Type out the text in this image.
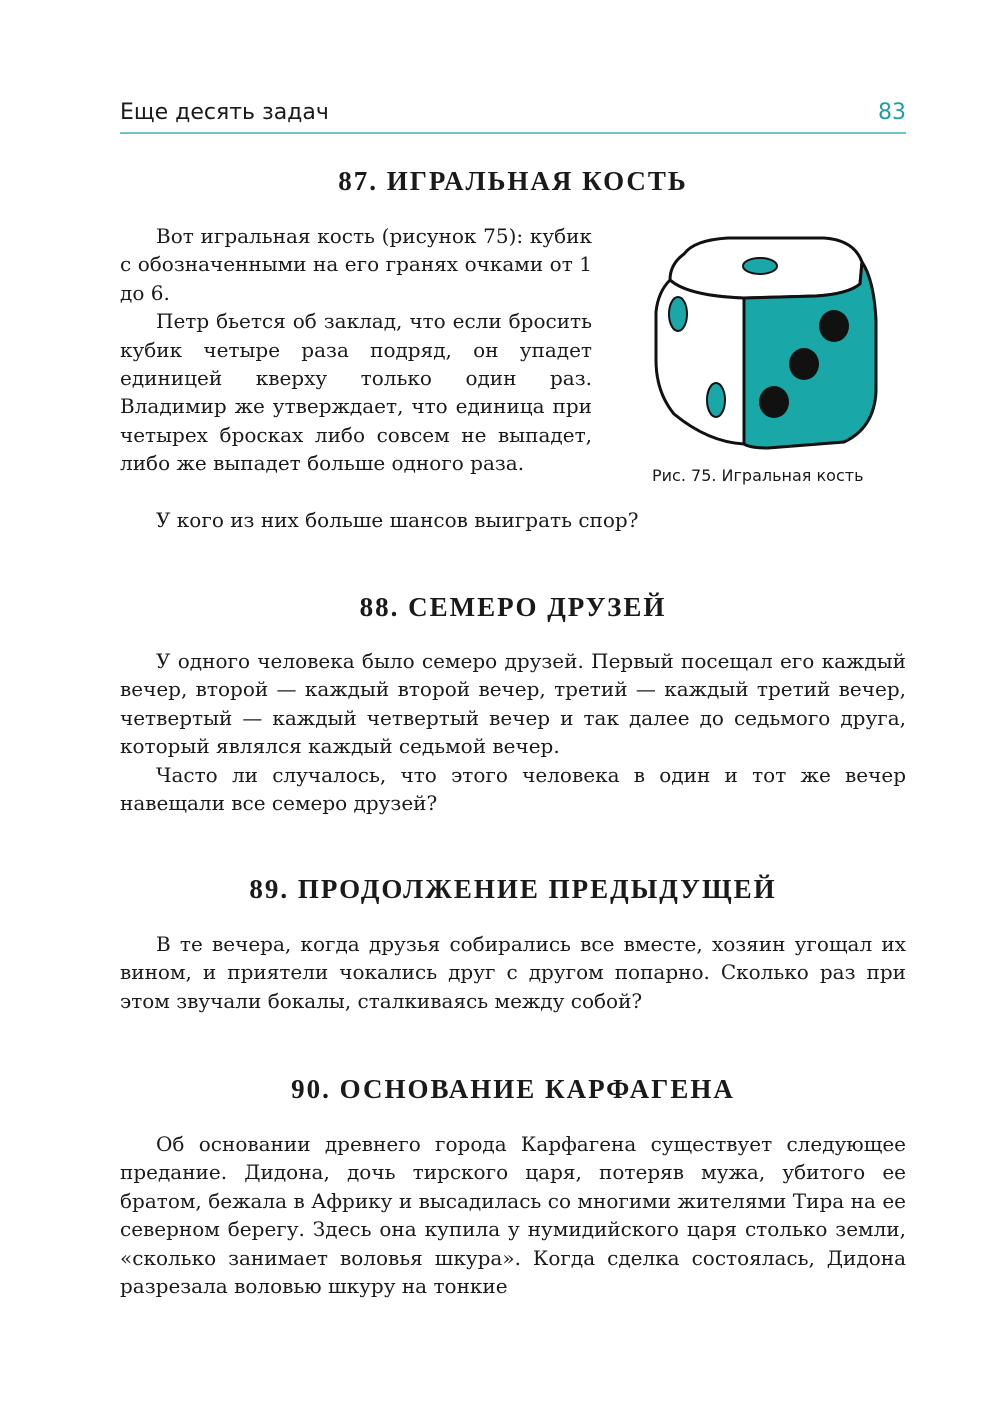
Еще десять задач	83
87. ИГРАЛЬНАЯ КОСТЬ

Вот игральная кость (рисунок 75): кубик с обозначенными на его гранях очками от 1 до 6.

Петр бьется об заклад, что если бросить кубик четыре раза подряд, он упадет единицей кверху только один раз. Владимир же утверждает, что единица при четырех бросках либо совсем не выпадет, либо же выпадет больше одного раза.

У кого из них больше шансов выиграть спор?

Рис. 75. Игральная кость
88. СЕМЕРО ДРУЗЕЙ

У одного человека было семеро друзей. Первый посещал его каждый вечер, второй — каждый второй вечер, третий — каждый третий вечер, четвертый — каждый четвертый вечер и так далее до седьмого друга, который являлся каждый седьмой вечер.

Часто ли случалось, что этого человека в один и тот же вечер навещали все семеро друзей?

89. ПРОДОЛЖЕНИЕ ПРЕДЫДУЩЕЙ

В те вечера, когда друзья собирались все вместе, хозяин угощал их вином, и приятели чокались друг с другом попарно. Сколько раз при этом звучали бокалы, сталкиваясь между собой?

90. ОСНОВАНИЕ КАРФАГЕНА

Об основании древнего города Карфагена существует следующее предание. Дидона, дочь тирского царя, потеряв мужа, убитого ее братом, бежала в Африку и высадилась со многими жителями Тира на ее северном берегу. Здесь она купила у нумидийского царя столько земли, «сколько занимает воловья шкура». Когда сделка состоялась, Дидона разрезала воловью шкуру на тонкие
